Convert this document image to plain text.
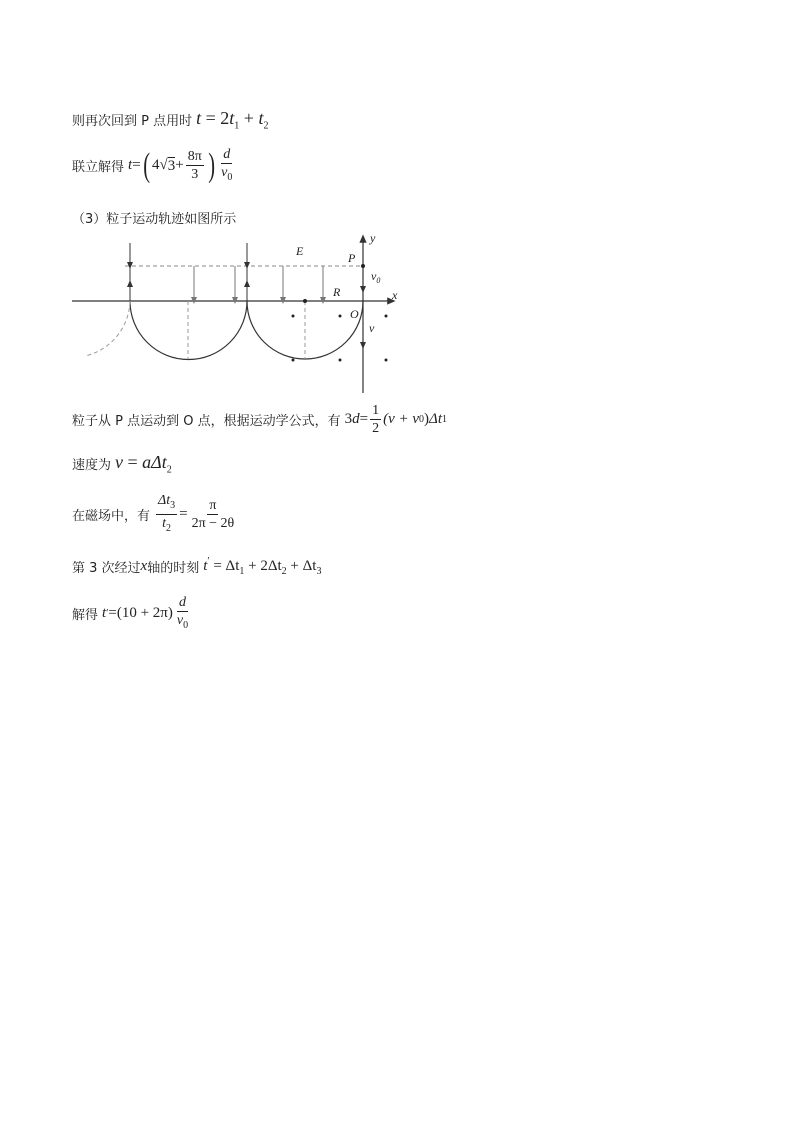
则再次回到 P 点用时 $t = 2t_1 + t_2$
联立解得 t = ( 4 √ $3 + \frac{8\pi}{3}$ ) $\frac{d}{v_0}$
（3）粒子运动轨迹如图所示
E	P
y
x
$v_0$
R
O
v
粒子从 P 点运动到 O 点，根据运动学公式，有 3 $d = \frac{1}{2} (v + v$ 0 ) Δt 1
速度为 v = aΔt$_2$
在磁场中，有 $\frac{\Delta t_3}{t_2} = \frac{\pi}{2\pi - 2\theta}$
第 3 次经过 x 轴的时刻 $t' = \Delta t_1 + 2\Delta t_2 + \Delta t_3$
解得 t ′ = $(10 + 2\pi) \frac{d}{v_0}$
